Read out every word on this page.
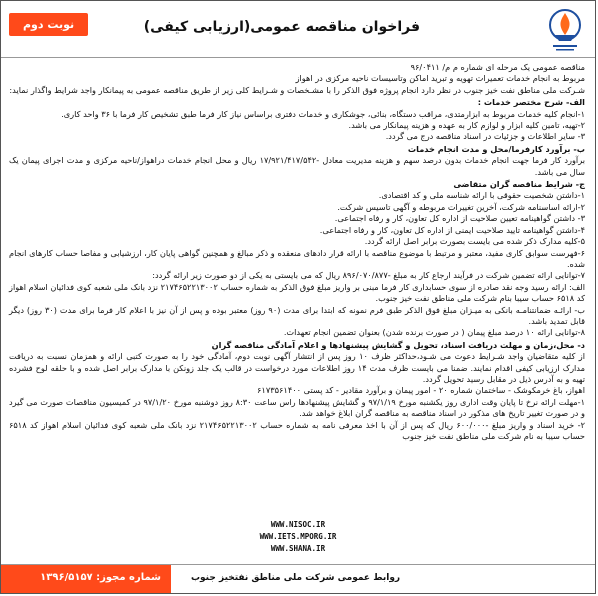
فراخوان مناقصه عمومی(ارزیابی کیفی)
نوبت دوم

مناقصه عمومی یک مرحله ای شماره م م/ ۹۶/۰۴۱۱

مربوط به انجام خدمات تعمیرات تهویه و تبرید اماکن وتاسیسات ناحیه مرکزی در اهواز

شـرکت ملی مناطق نفت خیز جنوب در نظر دارد انجام پروژه فوق الذکر را با مشـخصات و شـرایط کلی زیر از طریق مناقصه عمومی به پیمانکار واجد شرایط واگذار نماید:

الف- شرح مختصر خدمات :

۱-انجام کلیه خدمات مربوط به ابزارمتدی، مراقب دستگاه، بنائی، جوشکاری و خدمات دفتری براساس نیاز کار فرما طبق تشخیص کار فرما با ۳۶ واحد کاری.

۲-تهیه، تامین کلیه ابزار و لوازم کار به عهده و هزینه پیمانکار می باشد.

۳- سایر اطلاعات و جزئیات در اسناد مناقصه درج می گردد.

ب- برآورد کارفرما/محل و مدت انجام خدمات

برآورد کار فرما جهت انجام خدمات بدون درصد سهم و هزینه مدیریت معادل -۱۷/۹۲۱/۴۱۷/۵۴۲ ریال و محل انجام خدمات دراهواز/ناحیه مرکزی و مدت اجرای پیمان یک سال می باشد.

ج- شرایط مناقصه گران متقاضی

۱-داشتن شخصیت حقوقی با ارائه شناسه ملی و کد اقتصادی.

۲-ارائه اساسنامه شرکت، آخرین تغییرات مربوطه و آگهی تاسیس شرکت.

۳- داشتن گواهینامه تعیین صلاحیت از اداره کل تعاون، کار و رفاه اجتماعی.

۴-داشتن گواهینامه تایید صلاحیت ایمنی از اداره کل تعاون، کار و رفاه اجتماعی.

۵-کلیه مدارک ذکر شده می بایست بصورت برابر اصل ارائه گردد.

۶-فهرست سوابق کاری مفید، معتبر و مرتبط با موضوع مناقصه با ارائه قرار دادهای منعقده و ذکر مبالغ و همچنین گواهی پایان کار، ارزشیابی و مفاصا حساب کارهای انجام شده.

۷-توانایی ارائه تضمین شرکت در فرآیند ارجاع کار به مبلغ -۸۹۶/۰۷۰/۸۷۷ ریال که می بایستی به یکی از دو صورت زیر ارائه گردد:

الف: ارائه رسید وجه نقد صادره از سوی حسابداری کار فرما مبنی بر واریز مبلغ فوق الذکر به شماره حساب ۲۱۷۴۶۵۲۲۱۳۰۰۲ نزد بانک ملی شعبه کوی فدائیان اسلام اهواز کد ۶۵۱۸ حساب سیبا بنام شرکت ملی مناطق نفت خیز جنوب.

ب- ارائـه ضمانتنامـه بانکی به میـزان مبلغ فوق الذکر طبق فرم نمونه که ابتدا برای مدت (۹۰ روز) معتبر بوده و پس از آن نیز با اعلام کار فرما برای مدت (۳۰ روز) دیگر قابل تمدید باشد.

۸-توانایی ارائه ۱۰ درصد مبلغ پیمان ( در صورت برنده شدن) بعنوان تضمین انجام تعهدات.

د- محل،زمان و مهلت دریافت اسناد، تحویل و گشایش پیشنهادها و اعلام آمادگی مناقصه گران

از کلیه متقاضیان واجد شـرایط دعوت می شـود،حداکثر ظرف ۱۰ روز پس از انتشار آگهی نوبت دوم، آمادگی خود را به صورت کتبی ارائه و همزمان نسبت به دریافت مدارک ارزیابی کیفی اقدام نمایند. ضمنا می بایست ظرف مدت ۱۴ روز اطلاعات مورد درخواست در قالب یک جلد زونکن با مدارک برابر اصل شده و با حلقه لوح فشرده تهیه و به آدرس ذیل در مقابل رسید تحویل گردد.

اهواز، باغ خرمکوشک - ساختمان شماره ۲۰ - امور پیمان و برآورد مقادیر - کد پستی ۶۱۷۳۵۶۱۴۰۰

۱-مهلت ارائه نرخ تا پایان وقت اداری روز یکشنبه مورخ ۹۷/۱/۱۹ و گشایش پیشنهادها راس ساعت ۸:۳۰ روز دوشنبه مورخ ۹۷/۱/۲۰ در کمیسیون مناقصات صورت می گیرد و در صورت تغییر تاریخ های مذکور در اسناد مناقصه به مناقصه گران ابلاغ خواهد شد.

۲- خرید اسناد و واریز مبلغ -۶۰۰/۰۰۰ ریال که پس از آن با اخذ معرفی نامه به شماره حساب ۲۱۷۴۶۵۲۲۱۳۰۰۲ نزد بانک ملی شعبه کوی فدائیان اسلام اهواز کد ۶۵۱۸ حساب سیبا به نام شرکت ملی مناطق نفت خیز جنوب

WWW.NISOC.IR
WWW.IETS.MPORG.IR
WWW.SHANA.IR
روابط عمومی شرکت ملی مناطق نفتخیز جنوب
شماره مجوز: ۱۳۹۶/۵۱۵۷
